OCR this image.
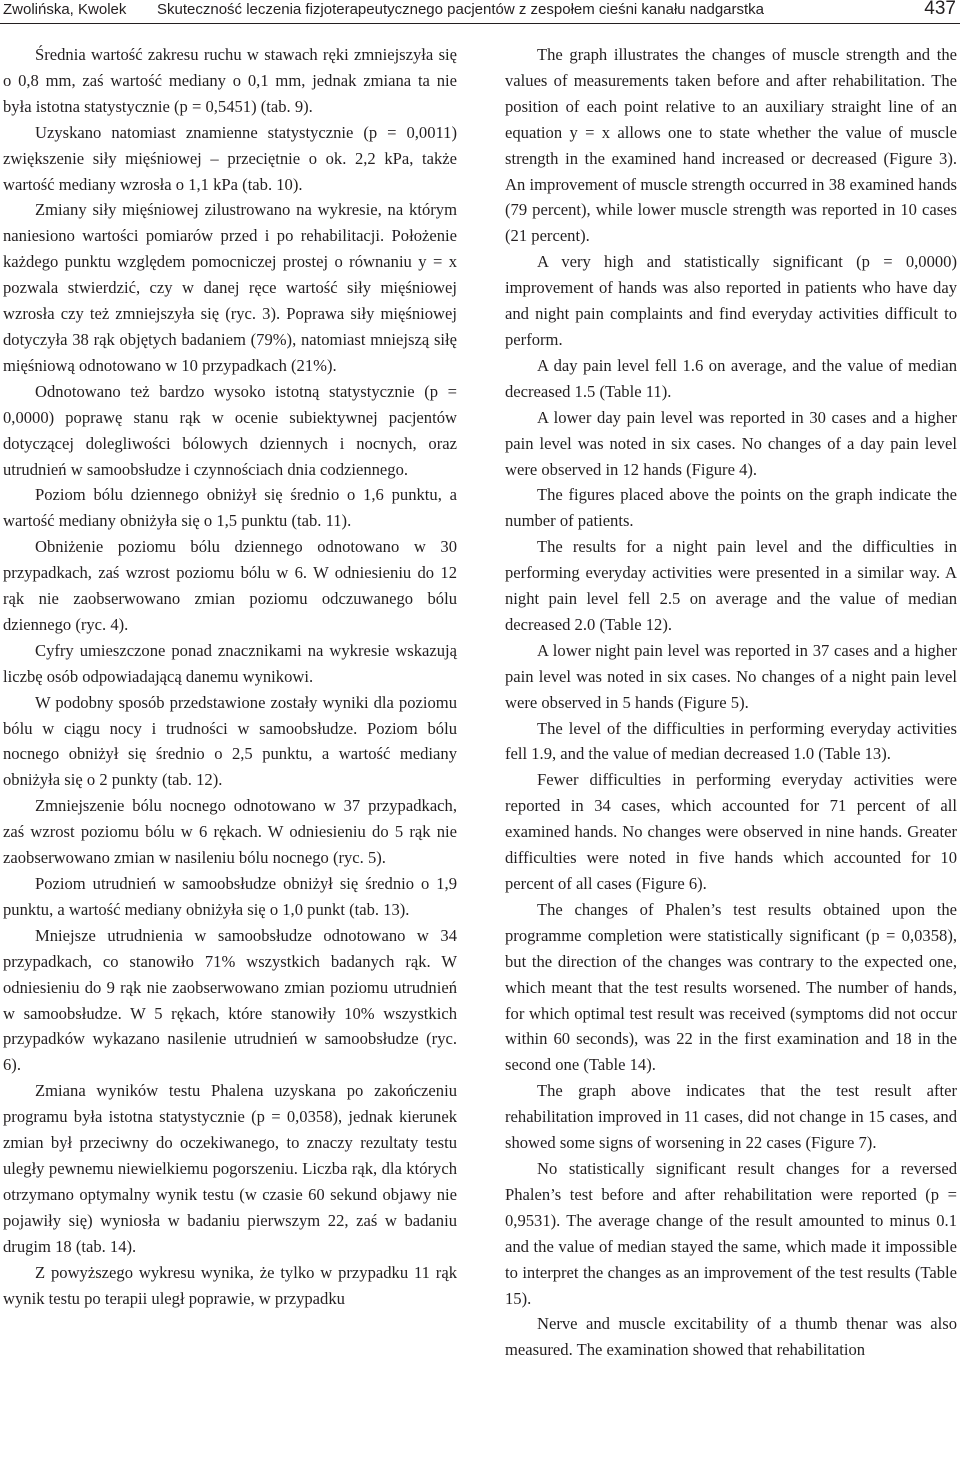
Zwolińska, Kwolek Skuteczność leczenia fizjoterapeutycznego pacjentów z zespołem cieśni kanału nadgarstka	437

Średnia wartość zakresu ruchu w stawach ręki zmniejszyła się o 0,8 mm, zaś wartość mediany o 0,1 mm, jednak zmiana ta nie była istotna statystycznie (p = 0,5451) (tab. 9).

Uzyskano natomiast znamienne statystycznie (p = 0,0011) zwiększenie siły mięśniowej – przeciętnie o ok. 2,2 kPa, także wartość mediany wzrosła o 1,1 kPa (tab. 10).

Zmiany siły mięśniowej zilustrowano na wykresie, na którym naniesiono wartości pomiarów przed i po rehabilitacji. Położenie każdego punktu względem pomocniczej prostej o równaniu y = x pozwala stwierdzić, czy w danej ręce wartość siły mięśniowej wzrosła czy też zmniejszyła się (ryc. 3). Poprawa siły mięśniowej dotyczyła 38 rąk objętych badaniem (79%), natomiast mniejszą siłę mięśniową odnotowano w 10 przypadkach (21%).

Odnotowano też bardzo wysoko istotną statystycznie (p = 0,0000) poprawę stanu rąk w ocenie subiektywnej pacjentów dotyczącej dolegliwości bólowych dziennych i nocnych, oraz utrudnień w samoobsłudze i czynnościach dnia codziennego.

Poziom bólu dziennego obniżył się średnio o 1,6 punktu, a wartość mediany obniżyła się o 1,5 punktu (tab. 11).

Obniżenie poziomu bólu dziennego odnotowano w 30 przypadkach, zaś wzrost poziomu bólu w 6. W odniesieniu do 12 rąk nie zaobserwowano zmian poziomu odczuwanego bólu dziennego (ryc. 4).

Cyfry umieszczone ponad znacznikami na wykresie wskazują liczbę osób odpowiadającą danemu wynikowi.

W podobny sposób przedstawione zostały wyniki dla poziomu bólu w ciągu nocy i trudności w samoobsłudze. Poziom bólu nocnego obniżył się średnio o 2,5 punktu, a wartość mediany obniżyła się o 2 punkty (tab. 12).

Zmniejszenie bólu nocnego odnotowano w 37 przypadkach, zaś wzrost poziomu bólu w 6 rękach. W odniesieniu do 5 rąk nie zaobserwowano zmian w nasileniu bólu nocnego (ryc. 5).

Poziom utrudnień w samoobsłudze obniżył się średnio o 1,9 punktu, a wartość mediany obniżyła się o 1,0 punkt (tab. 13).

Mniejsze utrudnienia w samoobsłudze odnotowano w 34 przypadkach, co stanowiło 71% wszystkich badanych rąk. W odniesieniu do 9 rąk nie zaobserwowano zmian poziomu utrudnień w samoobsłudze. W 5 rękach, które stanowiły 10% wszystkich przypadków wykazano nasilenie utrudnień w samoobsłudze (ryc. 6).

Zmiana wyników testu Phalena uzyskana po zakończeniu programu była istotna statystycznie (p = 0,0358), jednak kierunek zmian był przeciwny do oczekiwanego, to znaczy rezultaty testu uległy pewnemu niewielkiemu pogorszeniu. Liczba rąk, dla których otrzymano optymalny wynik testu (w czasie 60 sekund objawy nie pojawiły się) wyniosła w badaniu pierwszym 22, zaś w badaniu drugim 18 (tab. 14).

Z powyższego wykresu wynika, że tylko w przypadku 11 rąk wynik testu po terapii uległ poprawie, w przypadku

The graph illustrates the changes of muscle strength and the values of measurements taken before and after rehabilitation. The position of each point relative to an auxiliary straight line of an equation y = x allows one to state whether the value of muscle strength in the examined hand increased or decreased (Figure 3). An improvement of muscle strength occurred in 38 examined hands (79 percent), while lower muscle strength was reported in 10 cases (21 percent).

A very high and statistically significant (p = 0,0000) improvement of hands was also reported in patients who have day and night pain complaints and find everyday activities difficult to perform.

A day pain level fell 1.6 on average, and the value of median decreased 1.5 (Table 11).

A lower day pain level was reported in 30 cases and a higher pain level was noted in six cases. No changes of a day pain level were observed in 12 hands (Figure 4).

The figures placed above the points on the graph indicate the number of patients.

The results for a night pain level and the difficulties in performing everyday activities were presented in a similar way. A night pain level fell 2.5 on average and the value of median decreased 2.0 (Table 12).

A lower night pain level was reported in 37 cases and a higher pain level was noted in six cases. No changes of a night pain level were observed in 5 hands (Figure 5).

The level of the difficulties in performing everyday activities fell 1.9, and the value of median decreased 1.0 (Table 13).

Fewer difficulties in performing everyday activities were reported in 34 cases, which accounted for 71 percent of all examined hands. No changes were observed in nine hands. Greater difficulties were noted in five hands which accounted for 10 percent of all cases (Figure 6).

The changes of Phalen’s test results obtained upon the programme completion were statistically significant (p = 0,0358), but the direction of the changes was contrary to the expected one, which meant that the test results worsened. The number of hands, for which optimal test result was received (symptoms did not occur within 60 seconds), was 22 in the first examination and 18 in the second one (Table 14).

The graph above indicates that the test result after rehabilitation improved in 11 cases, did not change in 15 cases, and showed some signs of worsening in 22 cases (Figure 7).

No statistically significant result changes for a reversed Phalen’s test before and after rehabilitation were reported (p = 0,9531). The average change of the result amounted to minus 0.1 and the value of median stayed the same, which made it impossible to interpret the changes as an improvement of the test results (Table 15).

Nerve and muscle excitability of a thumb thenar was also measured. The examination showed that rehabilitation
